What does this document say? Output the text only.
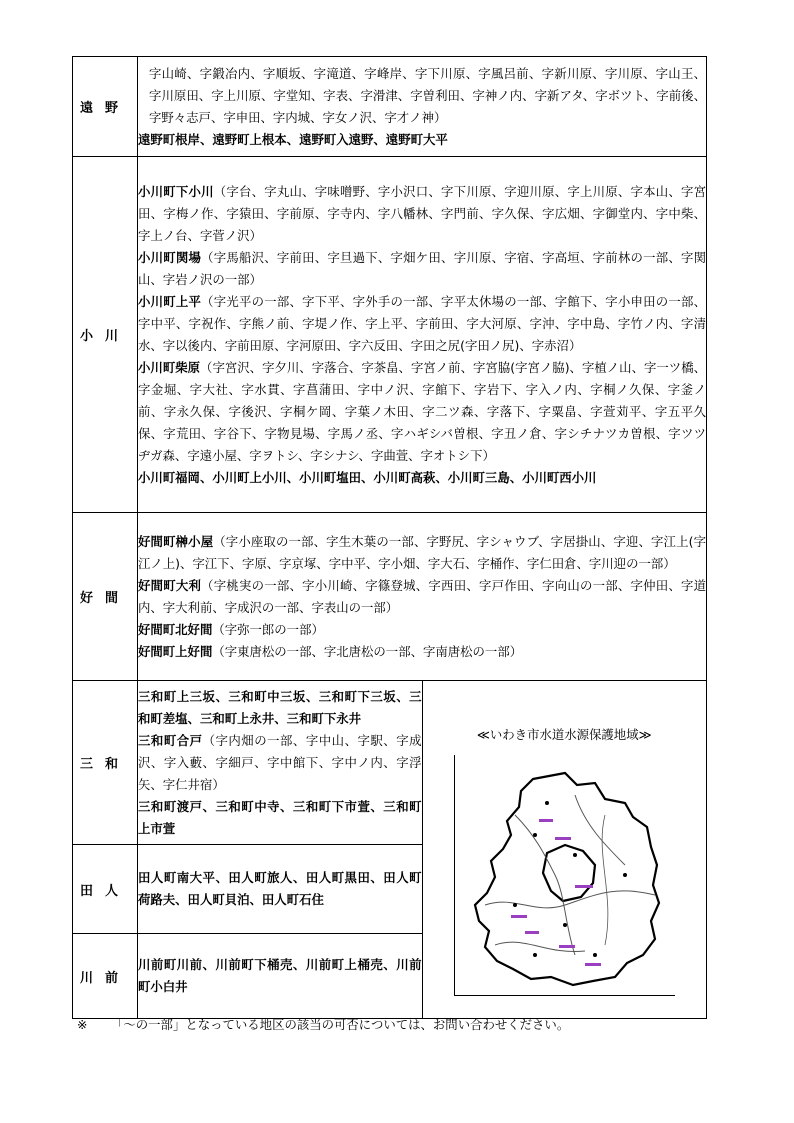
遠野	字山崎、字鍛冶内、字順坂、字滝道、字峰岸、字下川原、字風呂前、字新川原、字川原、字山王、字川原田、字上川原、字堂知、字表、字滑津、字曽利田、字神ノ内、字新アタ、字ボツト、字前後、字野々志戸、字申田、字内城、字女ノ沢、字才ノ神）
遠野町根岸、遠野町上根本、遠野町入遠野、遠野町大平	

小川	小川町下小川（字台、字丸山、字味噌野、字小沢口、字下川原、字迎川原、字上川原、字本山、字宮田、字梅ノ作、字猿田、字前原、字寺内、字八幡林、字門前、字久保、字広畑、字御堂内、字中柴、字上ノ台、字菅ノ沢）
小川町関場（字馬船沢、字前田、字旦過下、字畑ケ田、字川原、字宿、字高垣、字前林の一部、字関山、字岩ノ沢の一部）
小川町上平（字光平の一部、字下平、字外手の一部、字平太休場の一部、字館下、字小申田の一部、字中平、字祝作、字熊ノ前、字堤ノ作、字上平、字前田、字大河原、字沖、字中島、字竹ノ内、字清水、字以後内、字前田原、字河原田、字六反田、字田之尻(字田ノ尻)、字赤沼）
小川町柴原（字宮沢、字夕川、字落合、字茶畠、字宮ノ前、字宮脇(字宮ノ脇)、字植ノ山、字一ツ橋、字金堀、字大社、字水貫、字菖蒲田、字中ノ沢、字館下、字岩下、字入ノ内、字桐ノ久保、字釜ノ前、字永久保、字後沢、字桐ケ岡、字葉ノ木田、字二ツ森、字落下、字粟畠、字萱苅平、字五平久保、字荒田、字谷下、字物見場、字馬ノ丞、字ハギシバ曽根、字丑ノ倉、字シチナツカ曽根、字ツツヂガ森、字遠小屋、字ヲトシ、字シナシ、字曲萱、字オトシ下）
小川町福岡、小川町上小川、小川町塩田、小川町高萩、小川町三島、小川町西小川	

好間	好間町榊小屋（字小座取の一部、字生木葉の一部、字野尻、字シャウブ、字居掛山、字迎、字江上(字江ノ上)、字江下、字原、字京塚、字中平、字小畑、字大石、字桶作、字仁田倉、字川迎の一部）
好間町大利（字桃実の一部、字小川崎、字篠登城、字西田、字戸作田、字向山の一部、字仲田、字道内、字大利前、字成沢の一部、字表山の一部）
好間町北好間（字弥一郎の一部）
好間町上好間（字東唐松の一部、字北唐松の一部、字南唐松の一部）	

三和	三和町上三坂、三和町中三坂、三和町下三坂、三和町差塩、三和町上永井、三和町下永井
三和町合戸（字内畑の一部、字中山、字駅、字成沢、字入藪、字細戸、字中館下、字中ノ内、字浮矢、字仁井宿）
三和町渡戸、三和町中寺、三和町下市萱、三和町上市萱	≪いわき市水道水源保護地域≫

田人	田人町南大平、田人町旅人、田人町黒田、田人町荷路夫、田人町貝泊、田人町石住	

川前	川前町川前、川前町下桶売、川前町上桶売、川前町小白井	
※ 「～の一部」となっている地区の該当の可否については、お問い合わせください。
